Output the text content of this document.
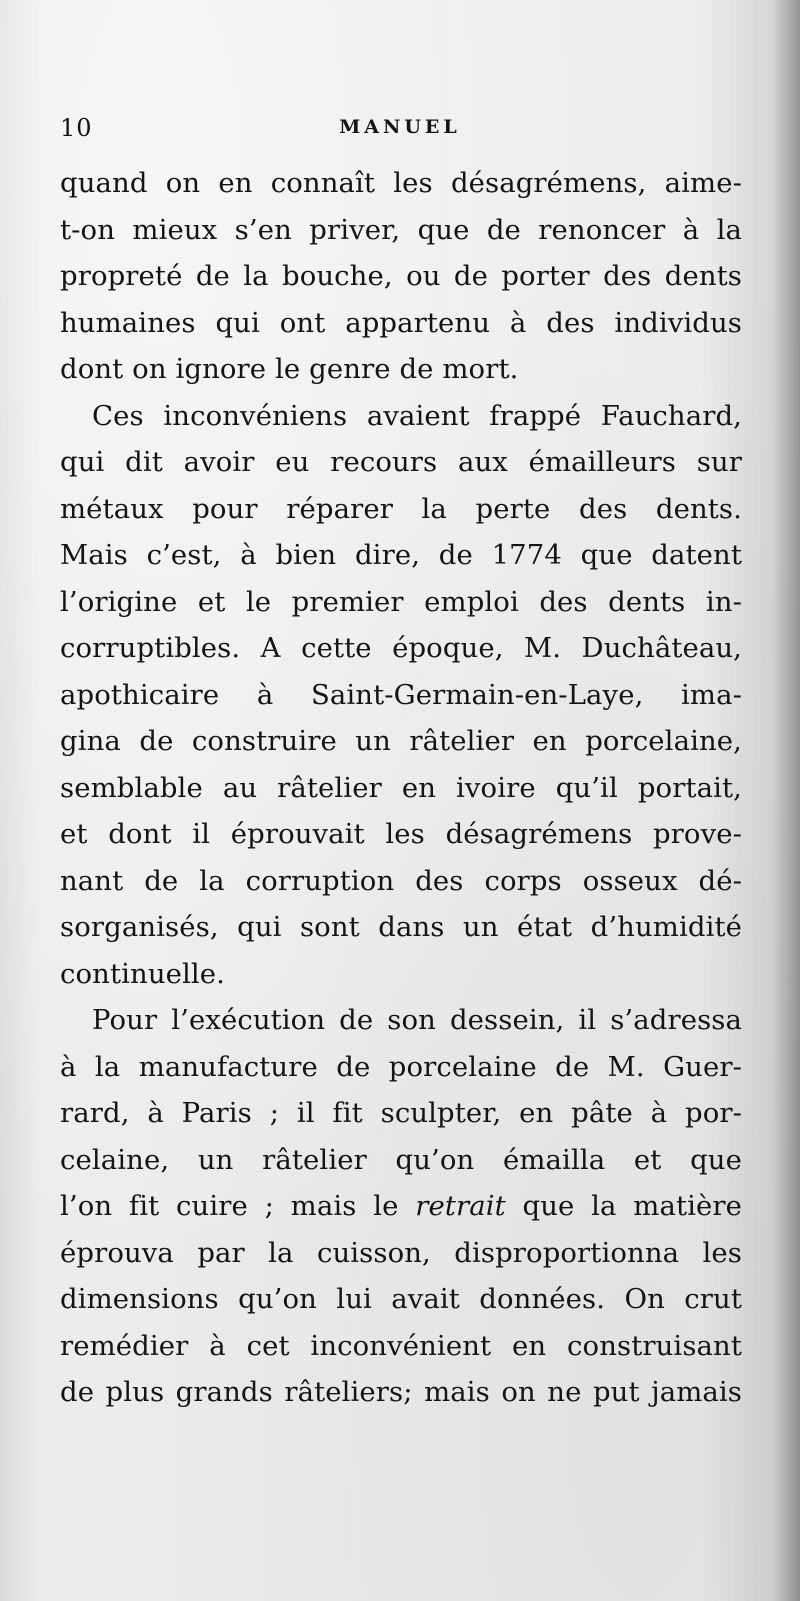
10	MANUEL
quand on en connaît les désagrémens, aime-
t-on mieux s’en priver, que de renoncer à la
propreté de la bouche, ou de porter des dents
humaines qui ont appartenu à des individus
dont on ignore le genre de mort.
Ces inconvéniens avaient frappé Fauchard,
qui dit avoir eu recours aux émailleurs sur
métaux pour réparer la perte des dents.
Mais c’est, à bien dire, de 1774 que datent
l’origine et le premier emploi des dents in-
corruptibles. A cette époque, M. Duchâteau,
apothicaire à Saint-Germain-en-Laye, ima-
gina de construire un râtelier en porcelaine,
semblable au râtelier en ivoire qu’il portait,
et dont il éprouvait les désagrémens prove-
nant de la corruption des corps osseux dé-
sorganisés, qui sont dans un état d’humidité
continuelle.
Pour l’exécution de son dessein, il s’adressa
à la manufacture de porcelaine de M. Guer-
rard, à Paris ; il fit sculpter, en pâte à por-
celaine, un râtelier qu’on émailla et que
l’on fit cuire ; mais le retrait que la matière
éprouva par la cuisson, disproportionna les
dimensions qu’on lui avait données. On crut
remédier à cet inconvénient en construisant
de plus grands râteliers; mais on ne put jamais
